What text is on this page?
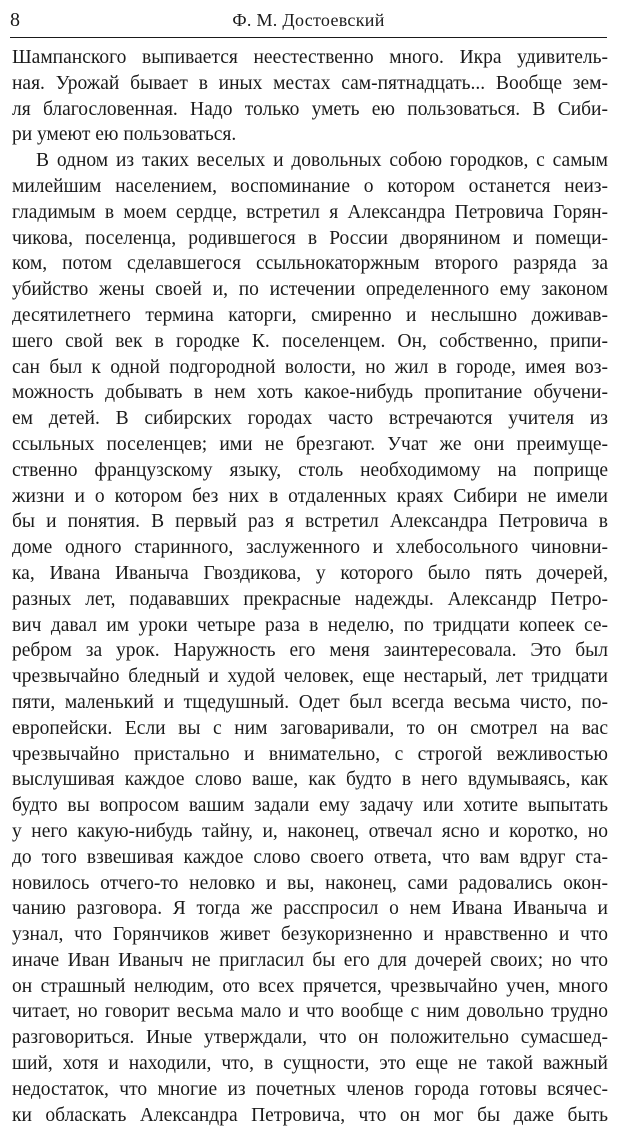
8	Ф. М. Достоевский
Шампанского выпивается неестественно много. Икра удивитель-
ная. Урожай бывает в иных местах сам-пятнадцать... Вообще зем-
ля благословенная. Надо только уметь ею пользоваться. В Сиби-
ри умеют ею пользоваться.
В одном из таких веселых и довольных собою городков, с самым
милейшим населением, воспоминание о котором останется неиз-
гладимым в моем сердце, встретил я Александра Петровича Горян-
чикова, поселенца, родившегося в России дворянином и помещи-
ком, потом сделавшегося ссыльнокаторжным второго разряда за
убийство жены своей и, по истечении определенного ему законом
десятилетнего термина каторги, смиренно и неслышно доживав-
шего свой век в городке К. поселенцем. Он, собственно, припи-
сан был к одной подгородной волости, но жил в городе, имея воз-
можность добывать в нем хоть какое-нибудь пропитание обучени-
ем детей. В сибирских городах часто встречаются учителя из
ссыльных поселенцев; ими не брезгают. Учат же они преимуще-
ственно французскому языку, столь необходимому на поприще
жизни и о котором без них в отдаленных краях Сибири не имели
бы и понятия. В первый раз я встретил Александра Петровича в
доме одного старинного, заслуженного и хлебосольного чиновни-
ка, Ивана Иваныча Гвоздикова, у которого было пять дочерей,
разных лет, подававших прекрасные надежды. Александр Петро-
вич давал им уроки четыре раза в неделю, по тридцати копеек се-
ребром за урок. Наружность его меня заинтересовала. Это был
чрезвычайно бледный и худой человек, еще нестарый, лет тридцати
пяти, маленький и тщедушный. Одет был всегда весьма чисто, по-
европейски. Если вы с ним заговаривали, то он смотрел на вас
чрезвычайно пристально и внимательно, с строгой вежливостью
выслушивая каждое слово ваше, как будто в него вдумываясь, как
будто вы вопросом вашим задали ему задачу или хотите выпытать
у него какую-нибудь тайну, и, наконец, отвечал ясно и коротко, но
до того взвешивая каждое слово своего ответа, что вам вдруг ста-
новилось отчего-то неловко и вы, наконец, сами радовались окон-
чанию разговора. Я тогда же расспросил о нем Ивана Иваныча и
узнал, что Горянчиков живет безукоризненно и нравственно и что
иначе Иван Иваныч не пригласил бы его для дочерей своих; но что
он страшный нелюдим, ото всех прячется, чрезвычайно учен, много
читает, но говорит весьма мало и что вообще с ним довольно трудно
разговориться. Иные утверждали, что он положительно сумасшед-
ший, хотя и находили, что, в сущности, это еще не такой важный
недостаток, что многие из почетных членов города готовы всячес-
ки обласкать Александра Петровича, что он мог бы даже быть
